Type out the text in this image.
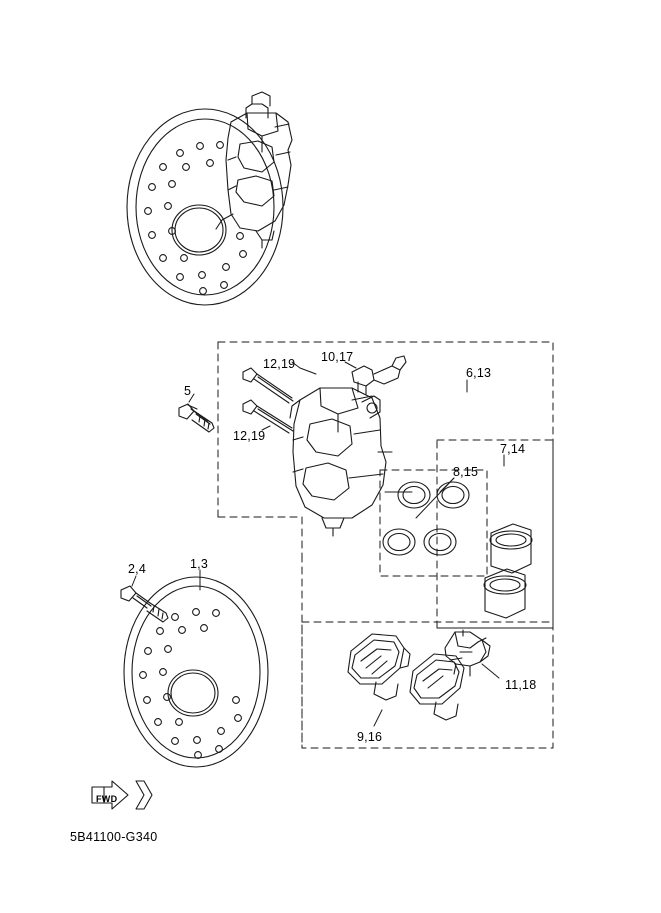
12,19 10,17
6,13
5
12,19
7,14
8,15
2,4	1,3
11,18
9,16
FWD
5B41100-G340
